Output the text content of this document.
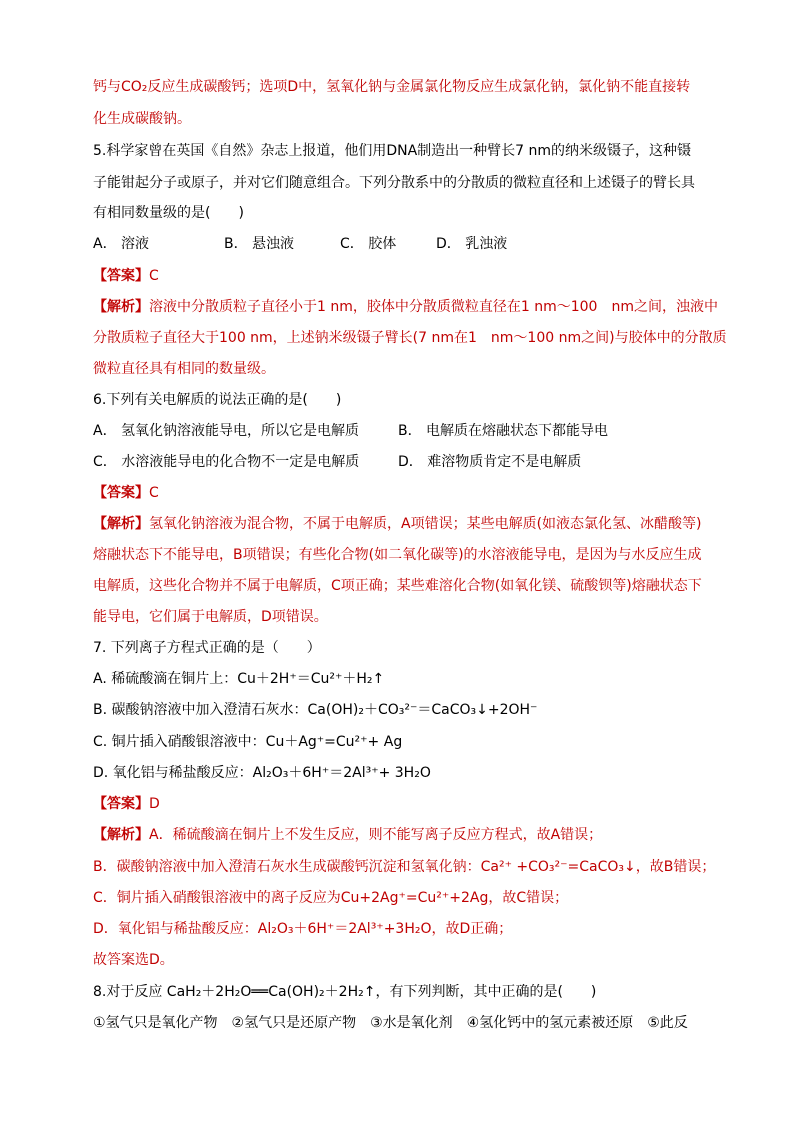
钙与CO₂反应生成碳酸钙；选项D中，氢氧化钠与金属氯化物反应生成氯化钠，氯化钠不能直接转
化生成碳酸钠。
5.科学家曾在英国《自然》杂志上报道，他们用DNA制造出一种臂长7 nm的纳米级镊子，这种镊
子能钳起分子或原子，并对它们随意组合。下列分散系中的分散质的微粒直径和上述镊子的臂长具
有相同数量级的是(　　)
A． 溶液	B． 悬浊液	C． 胶体	D． 乳浊液
【答案】C
【解析】溶液中分散质粒子直径小于1 nm，胶体中分散质微粒直径在1 nm～100　nm之间，浊液中
分散质粒子直径大于100 nm，上述钠米级镊子臂长(7 nm在1　nm～100 nm之间)与胶体中的分散质
微粒直径具有相同的数量级。
6.下列有关电解质的说法正确的是(　　)
A． 氢氧化钠溶液能导电，所以它是电解质	B． 电解质在熔融状态下都能导电
C． 水溶液能导电的化合物不一定是电解质	D． 难溶物质肯定不是电解质
【答案】C
【解析】氢氧化钠溶液为混合物，不属于电解质，A项错误；某些电解质(如液态氯化氢、冰醋酸等)
熔融状态下不能导电，B项错误；有些化合物(如二氧化碳等)的水溶液能导电，是因为与水反应生成
电解质，这些化合物并不属于电解质，C项正确；某些难溶化合物(如氧化镁、硫酸钡等)熔融状态下
能导电，它们属于电解质，D项错误。
7. 下列离子方程式正确的是（　　）
A. 稀硫酸滴在铜片上：Cu＋2H⁺＝Cu²⁺＋H₂↑
B. 碳酸钠溶液中加入澄清石灰水：Ca(OH)₂＋CO₃²⁻＝CaCO₃↓+2OH⁻
C. 铜片插入硝酸银溶液中：Cu＋Ag⁺=Cu²⁺+ Ag
D. 氧化铝与稀盐酸反应：Al₂O₃＋6H⁺＝2Al³⁺+ 3H₂O
【答案】D
【解析】A．稀硫酸滴在铜片上不发生反应，则不能写离子反应方程式，故A错误；
B．碳酸钠溶液中加入澄清石灰水生成碳酸钙沉淀和氢氧化钠：Ca²⁺ +CO₃²⁻=CaCO₃↓，故B错误；
C．铜片插入硝酸银溶液中的离子反应为Cu+2Ag⁺=Cu²⁺+2Ag，故C错误；
D．氧化铝与稀盐酸反应：Al₂O₃＋6H⁺＝2Al³⁺+3H₂O，故D正确；
故答案选D。
8.对于反应 CaH₂＋2H₂O══Ca(OH)₂＋2H₂↑，有下列判断，其中正确的是(　　)
①氢气只是氧化产物　②氢气只是还原产物　③水是氧化剂　④氢化钙中的氢元素被还原　⑤此反
